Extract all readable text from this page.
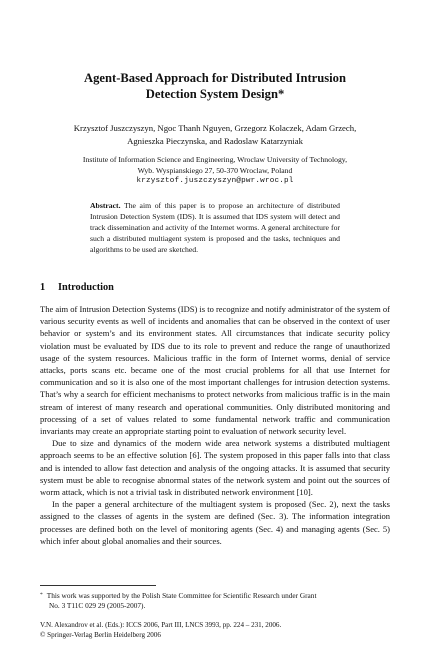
Agent-Based Approach for Distributed Intrusion
Detection System Design*
Krzysztof Juszczyszyn, Ngoc Thanh Nguyen, Grzegorz Kolaczek, Adam Grzech,
Agnieszka Pieczynska, and Radoslaw Katarzyniak
Institute of Information Science and Engineering, Wroclaw University of Technology,
Wyb. Wyspianskiego 27, 50-370 Wroclaw, Poland
krzysztof.juszczyszyn@pwr.wroc.pl
Abstract. The aim of this paper is to propose an architecture of distributed Intrusion Detection System (IDS). It is assumed that IDS system will detect and track dissemination and activity of the Internet worms. A general architecture for such a distributed multiagent system is proposed and the tasks, techniques and algorithms to be used are sketched.
1 Introduction

The aim of Intrusion Detection Systems (IDS) is to recognize and notify administrator of the system of various security events as well of incidents and anomalies that can be observed in the context of user behavior or system’s and its environment states. All circumstances that indicate security policy violation must be evaluated by IDS due to its role to prevent and reduce the range of unauthorized usage of the system resources. Malicious traffic in the form of Internet worms, denial of service attacks, ports scans etc. became one of the most crucial problems for all that use Internet for communication and so it is also one of the most important challenges for intrusion detection systems. That’s why a search for efficient mechanisms to protect networks from malicious traffic is in the main stream of interest of many research and operational communities. Only distributed monitoring and processing of a set of values related to some fundamental network traffic and communication invariants may create an appropriate starting point to evaluation of network security level.

Due to size and dynamics of the modern wide area network systems a distributed multiagent approach seems to be an effective solution [6]. The system proposed in this paper falls into that class and is intended to allow fast detection and analysis of the ongoing attacks. It is assumed that security system must be able to recognise abnormal states of the network system and point out the sources of worm attack, which is not a trivial task in distributed network environment [10].

In the paper a general architecture of the multiagent system is proposed (Sec. 2), next the tasks assigned to the classes of agents in the system are defined (Sec. 3). The information integration processes are defined both on the level of monitoring agents (Sec. 4) and managing agents (Sec. 5) which infer about global anomalies and their sources.

* This work was supported by the Polish State Committee for Scientific Research under Grant
No. 3 T11C 029 29 (2005-2007).
V.N. Alexandrov et al. (Eds.): ICCS 2006, Part III, LNCS 3993, pp. 224 – 231, 2006.
© Springer-Verlag Berlin Heidelberg 2006
